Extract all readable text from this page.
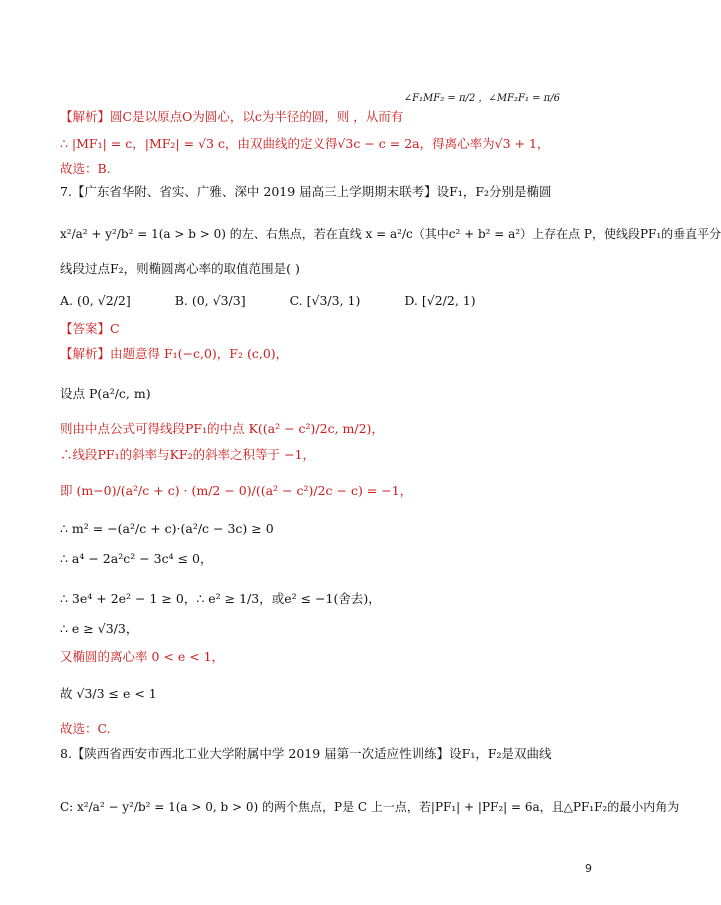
∠F₁MF₂ = π/2 ，∠MF₂F₁ = π/6
【解析】圆C是以原点O为圆心，以c为半径的圆，则 ，从而有
∴ |MF₁| = c，|MF₂| = √3 c，由双曲线的定义得√3c − c = 2a，得离心率为√3 + 1，
故选：B.
7.【广东省华附、省实、广雅、深中 2019 届高三上学期期末联考】设F₁，F₂分别是椭圆
x²/a² + y²/b² = 1(a > b > 0) 的左、右焦点，若在直线 x = a²/c（其中c² + b² = a²）上存在点 P，使线段PF₁的垂直平分
线段过点F₂，则椭圆离心率的取值范围是( )
A. (0, √2/2]	B. (0, √3/3]	C. [√3/3, 1)	D. [√2/2, 1)
【答案】C
【解析】由题意得 F₁(−c,0)，F₂ (c,0)，
设点 P(a²/c, m)
则由中点公式可得线段PF₁的中点 K((a² − c²)/2c, m/2)，
∴线段PF₁的斜率与KF₂的斜率之积等于 −1，
即 (m−0)/(a²/c + c) · (m/2 − 0)/((a² − c²)/2c − c) = −1，
∴ m² = −(a²/c + c)·(a²/c − 3c) ≥ 0
∴ a⁴ − 2a²c² − 3c⁴ ≤ 0，
∴ 3e⁴ + 2e² − 1 ≥ 0，∴ e² ≥ 1/3，或e² ≤ −1(舍去)，
∴ e ≥ √3/3，
又椭圆的离心率 0 < e < 1，
故 √3/3 ≤ e < 1
故选：C.
8.【陕西省西安市西北工业大学附属中学 2019 届第一次适应性训练】设F₁，F₂是双曲线
C: x²/a² − y²/b² = 1(a > 0, b > 0) 的两个焦点，P是 C 上一点，若|PF₁| + |PF₂| = 6a，且△PF₁F₂的最小内角为
9
